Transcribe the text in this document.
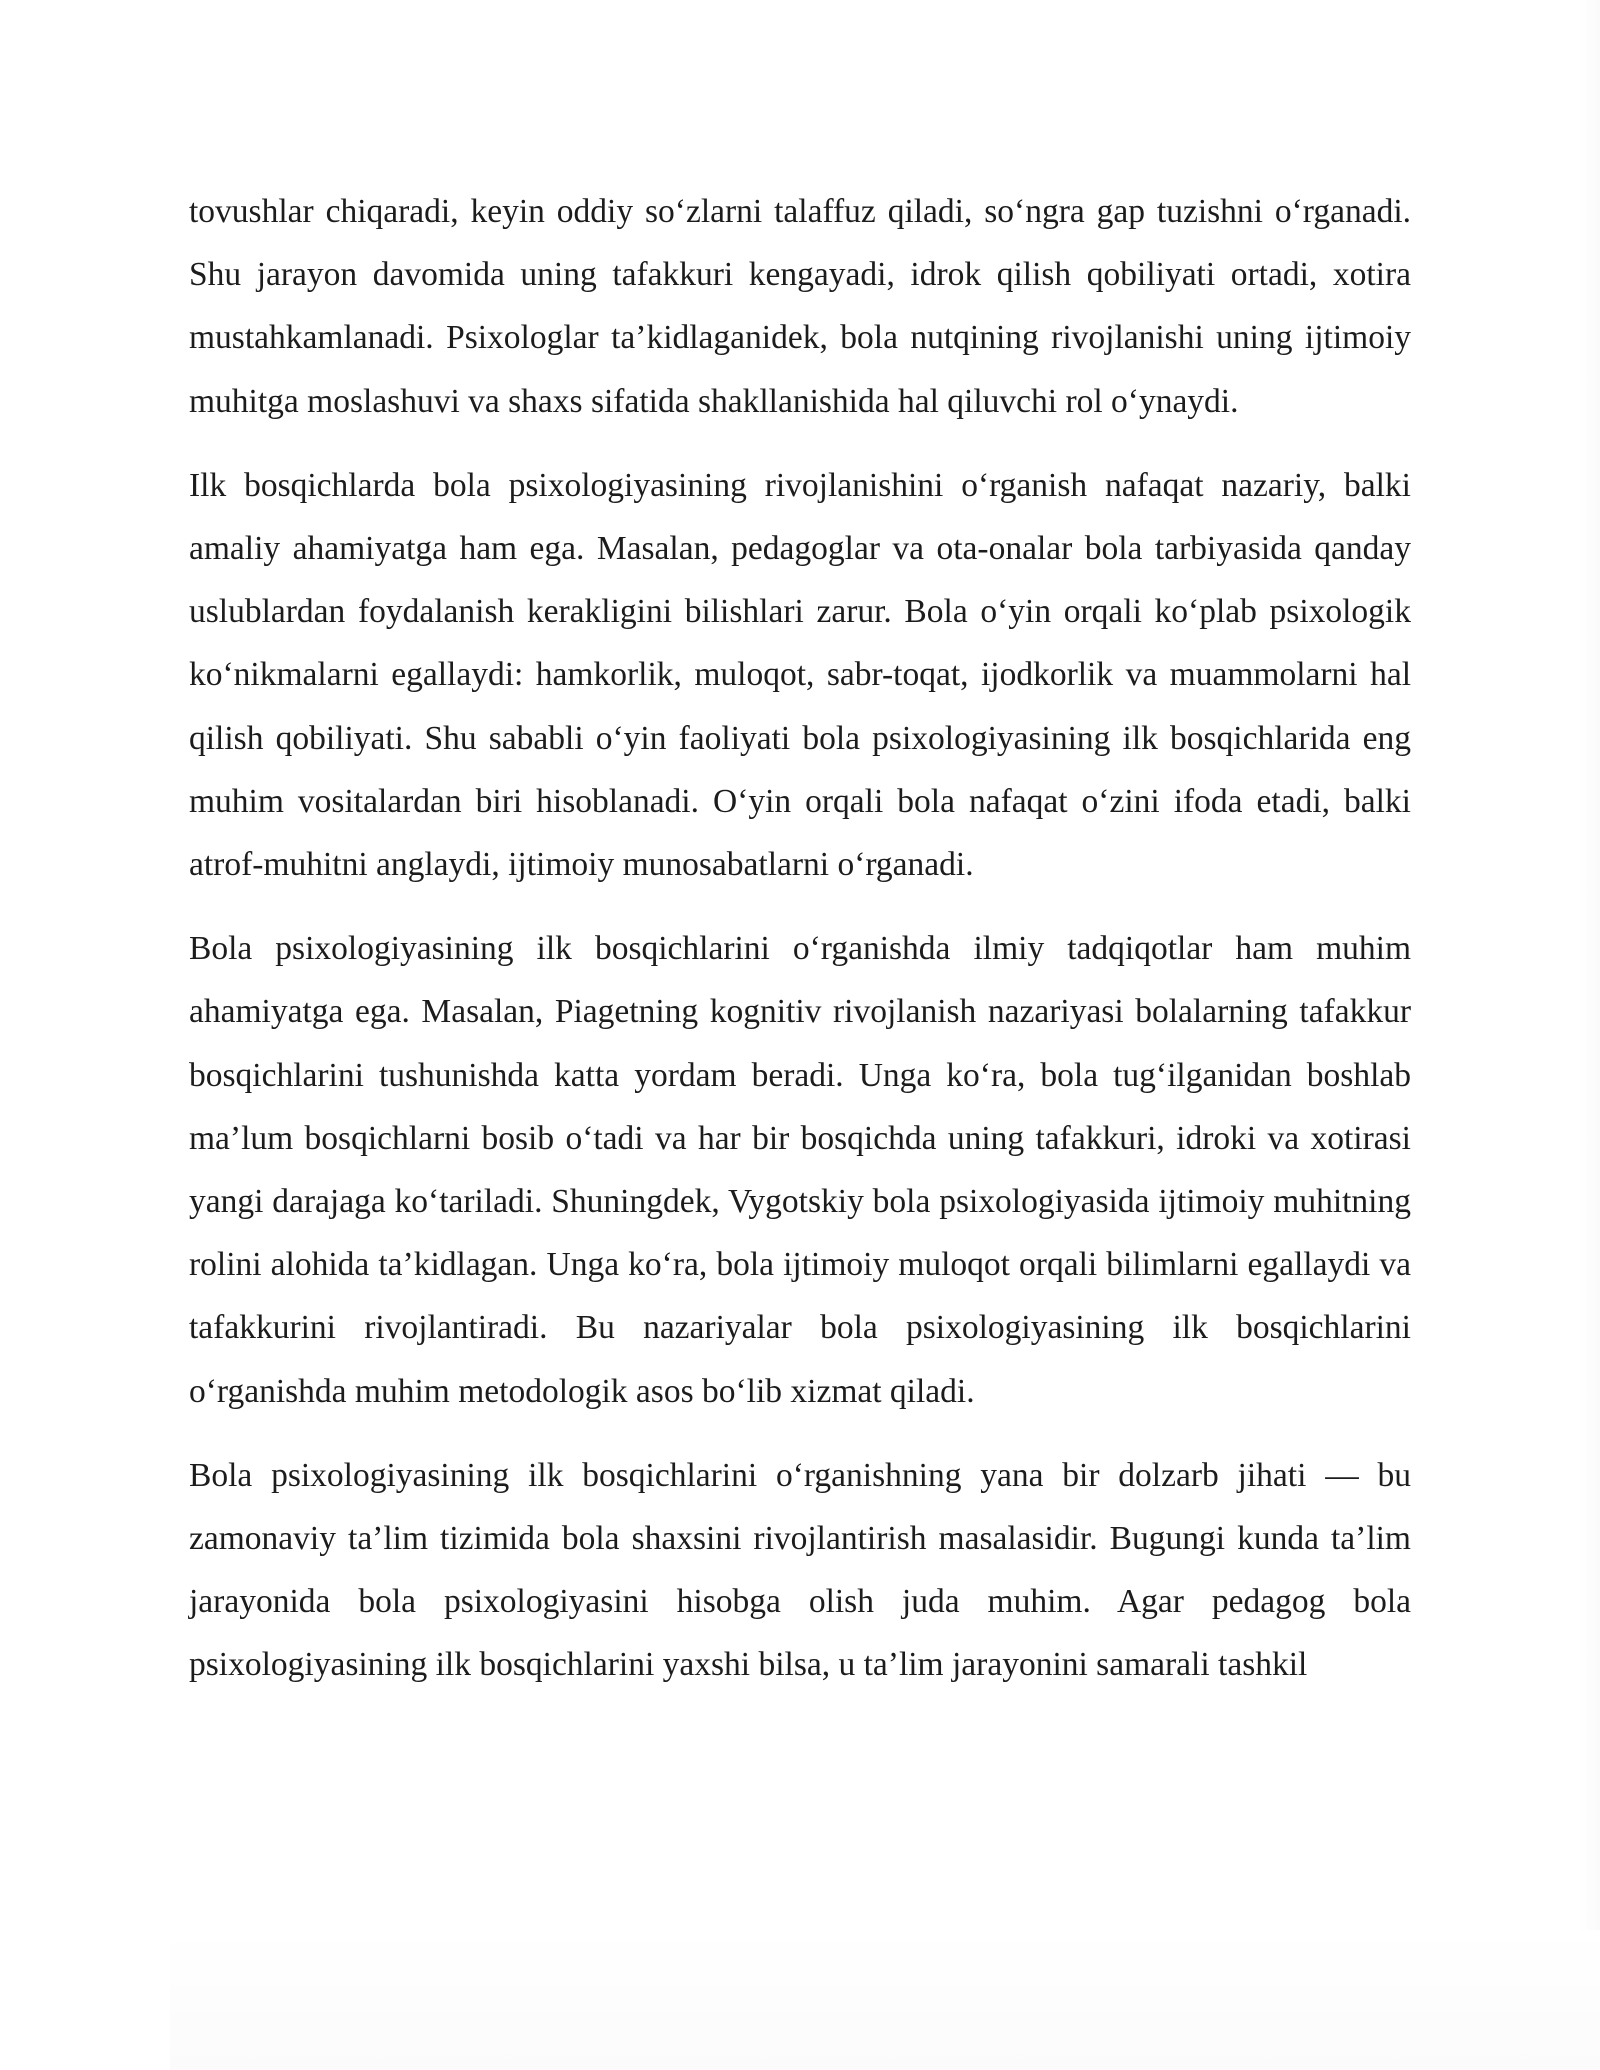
tovushlar chiqaradi, keyin oddiy so‘zlarni talaffuz qiladi, so‘ngra gap tuzishni o‘rganadi. Shu jarayon davomida uning tafakkuri kengayadi, idrok qilish qobiliyati ortadi, xotira mustahkamlanadi. Psixologlar ta’kidlaganidek, bola nutqining rivojlanishi uning ijtimoiy muhitga moslashuvi va shaxs sifatida shakllanishida hal qiluvchi rol o‘ynaydi.

Ilk bosqichlarda bola psixologiyasining rivojlanishini o‘rganish nafaqat nazariy, balki amaliy ahamiyatga ham ega. Masalan, pedagoglar va ota-onalar bola tarbiyasida qanday uslublardan foydalanish kerakligini bilishlari zarur. Bola o‘yin orqali ko‘plab psixologik ko‘nikmalarni egallaydi: hamkorlik, muloqot, sabr-toqat, ijodkorlik va muammolarni hal qilish qobiliyati. Shu sababli o‘yin faoliyati bola psixologiyasining ilk bosqichlarida eng muhim vositalardan biri hisoblanadi. O‘yin orqali bola nafaqat o‘zini ifoda etadi, balki atrof-muhitni anglaydi, ijtimoiy munosabatlarni o‘rganadi.

Bola psixologiyasining ilk bosqichlarini o‘rganishda ilmiy tadqiqotlar ham muhim ahamiyatga ega. Masalan, Piagetning kognitiv rivojlanish nazariyasi bolalarning tafakkur bosqichlarini tushunishda katta yordam beradi. Unga ko‘ra, bola tug‘ilganidan boshlab ma’lum bosqichlarni bosib o‘tadi va har bir bosqichda uning tafakkuri, idroki va xotirasi yangi darajaga ko‘tariladi. Shuningdek, Vygotskiy bola psixologiyasida ijtimoiy muhitning rolini alohida ta’kidlagan. Unga ko‘ra, bola ijtimoiy muloqot orqali bilimlarni egallaydi va tafakkurini rivojlantiradi. Bu nazariyalar bola psixologiyasining ilk bosqichlarini o‘rganishda muhim metodologik asos bo‘lib xizmat qiladi.

Bola psixologiyasining ilk bosqichlarini o‘rganishning yana bir dolzarb jihati — bu zamonaviy ta’lim tizimida bola shaxsini rivojlantirish masalasidir. Bugungi kunda ta’lim jarayonida bola psixologiyasini hisobga olish juda muhim. Agar pedagog bola psixologiyasining ilk bosqichlarini yaxshi bilsa, u ta’lim jarayonini samarali tashkil
